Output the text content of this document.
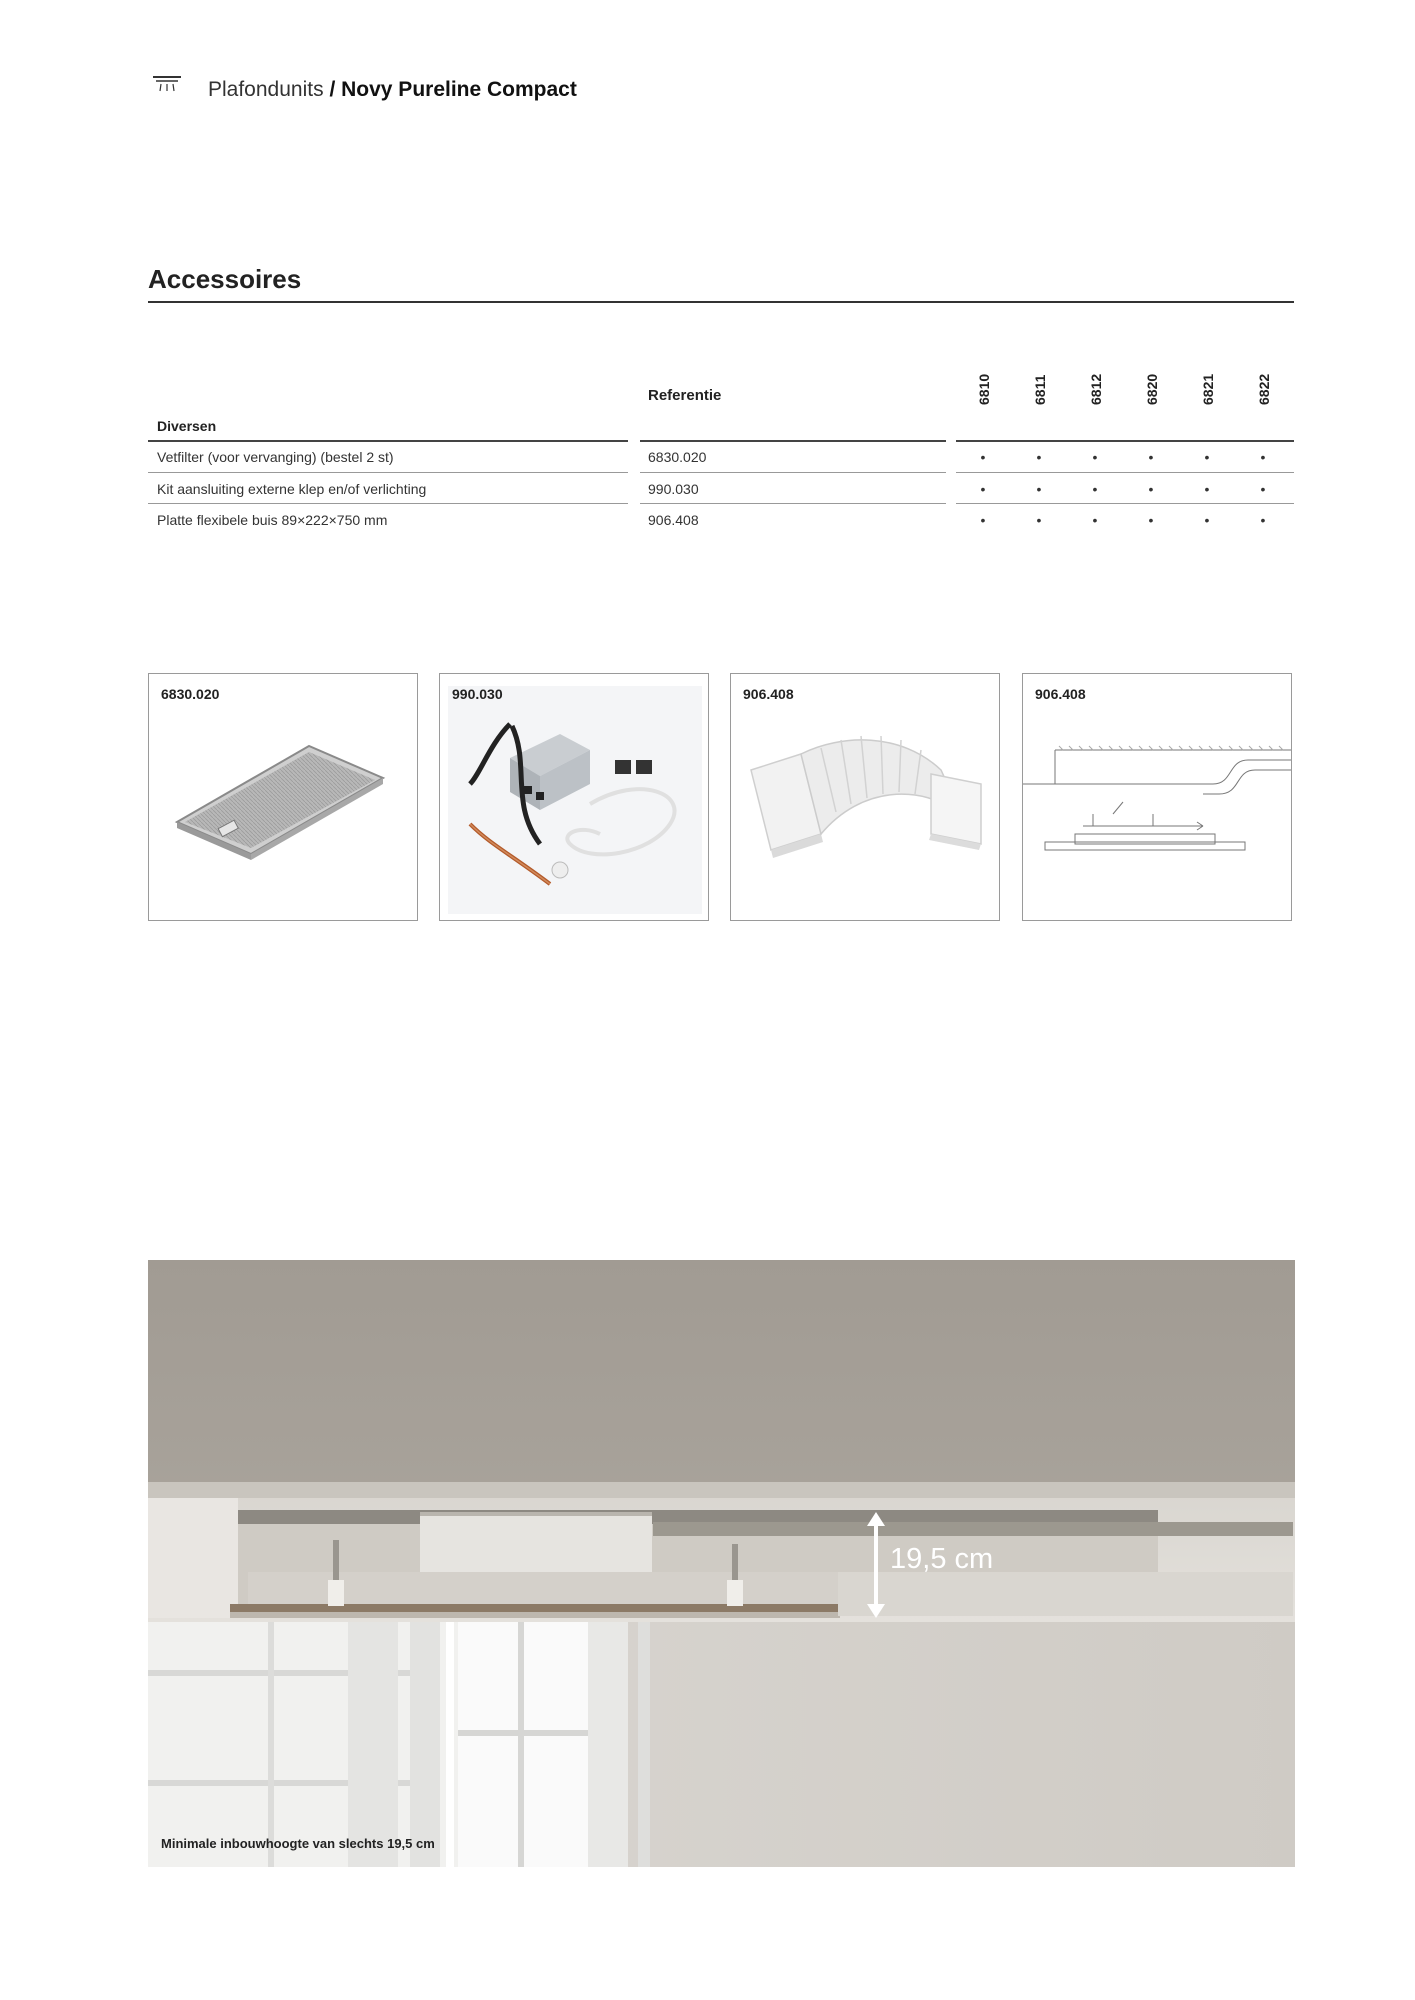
Plafondunits / Novy Pureline Compact
Accessoires
Referentie	6810	6811	6812	6820	6821	6822
Diversen
Vetfilter (voor vervanging) (bestel 2 st)	6830.020	•	•	•	•	•	•
Kit aansluiting externe klep en/of verlichting	990.030	•	•	•	•	•	•
Platte flexibele buis 89×222×750 mm	906.408	•	•	•	•	•	•
6830.020	990.030	906.408	906.408
19,5 cm
Minimale inbouwhoogte van slechts 19,5 cm
